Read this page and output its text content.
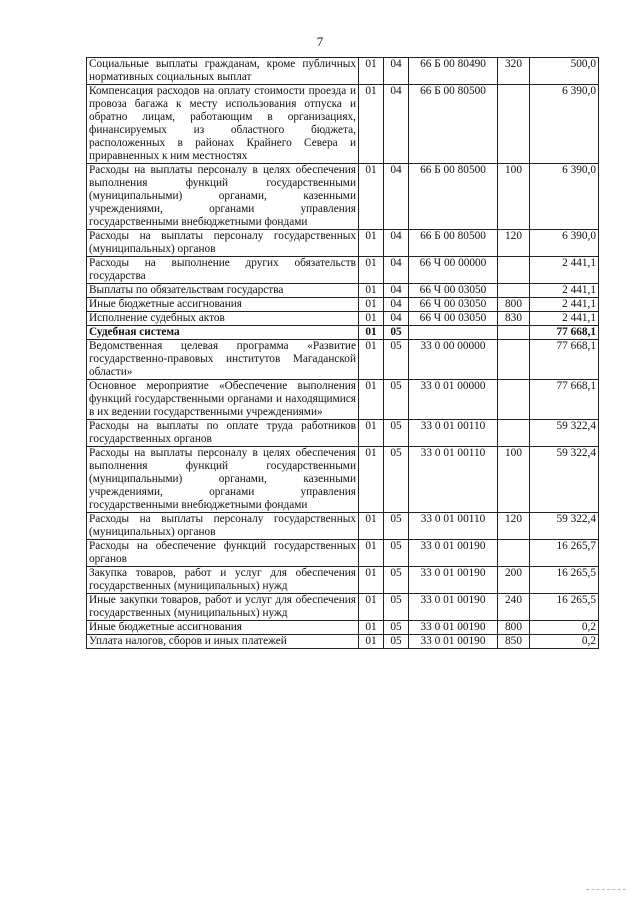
7
Социальные выплаты гражданам, кроме публичных нормативных социальных выплат	01	04	66 Б 00 80490	320	500,0
Компенсация расходов на оплату стоимости проезда и провоза багажа к месту использования отпуска и обратно лицам, работающим в организациях, финансируемых из областного бюджета, расположенных в районах Крайнего Севера и приравненных к ним местностях	01	04	66 Б 00 80500		6 390,0
Расходы на выплаты персоналу в целях обеспечения выполнения функций государственными (муниципальными) органами, казенными учреждениями, органами управления государственными внебюджетными фондами	01	04	66 Б 00 80500	100	6 390,0
Расходы на выплаты персоналу государственных (муниципальных) органов	01	04	66 Б 00 80500	120	6 390,0
Расходы на выполнение других обязательств государства	01	04	66 Ч 00 00000		2 441,1
Выплаты по обязательствам государства	01	04	66 Ч 00 03050		2 441,1
Иные бюджетные ассигнования	01	04	66 Ч 00 03050	800	2 441,1
Исполнение судебных актов	01	04	66 Ч 00 03050	830	2 441,1
Судебная система	01	05			77 668,1
Ведомственная целевая программа «Развитие государственно-правовых институтов Магаданской области»	01	05	33 0 00 00000		77 668,1
Основное мероприятие «Обеспечение выполнения функций государственными органами и находящимися в их ведении государственными учреждениями»	01	05	33 0 01 00000		77 668,1
Расходы на выплаты по оплате труда работников государственных органов	01	05	33 0 01 00110		59 322,4
Расходы на выплаты персоналу в целях обеспечения выполнения функций государственными (муниципальными) органами, казенными учреждениями, органами управления государственными внебюджетными фондами	01	05	33 0 01 00110	100	59 322,4
Расходы на выплаты персоналу государственных (муниципальных) органов	01	05	33 0 01 00110	120	59 322,4
Расходы на обеспечение функций государственных органов	01	05	33 0 01 00190		16 265,7
Закупка товаров, работ и услуг для обеспечения государственных (муниципальных) нужд	01	05	33 0 01 00190	200	16 265,5
Иные закупки товаров, работ и услуг для обеспечения государственных (муниципальных) нужд	01	05	33 0 01 00190	240	16 265,5
Иные бюджетные ассигнования	01	05	33 0 01 00190	800	0,2
Уплата налогов, сборов и иных платежей	01	05	33 0 01 00190	850	0,2
